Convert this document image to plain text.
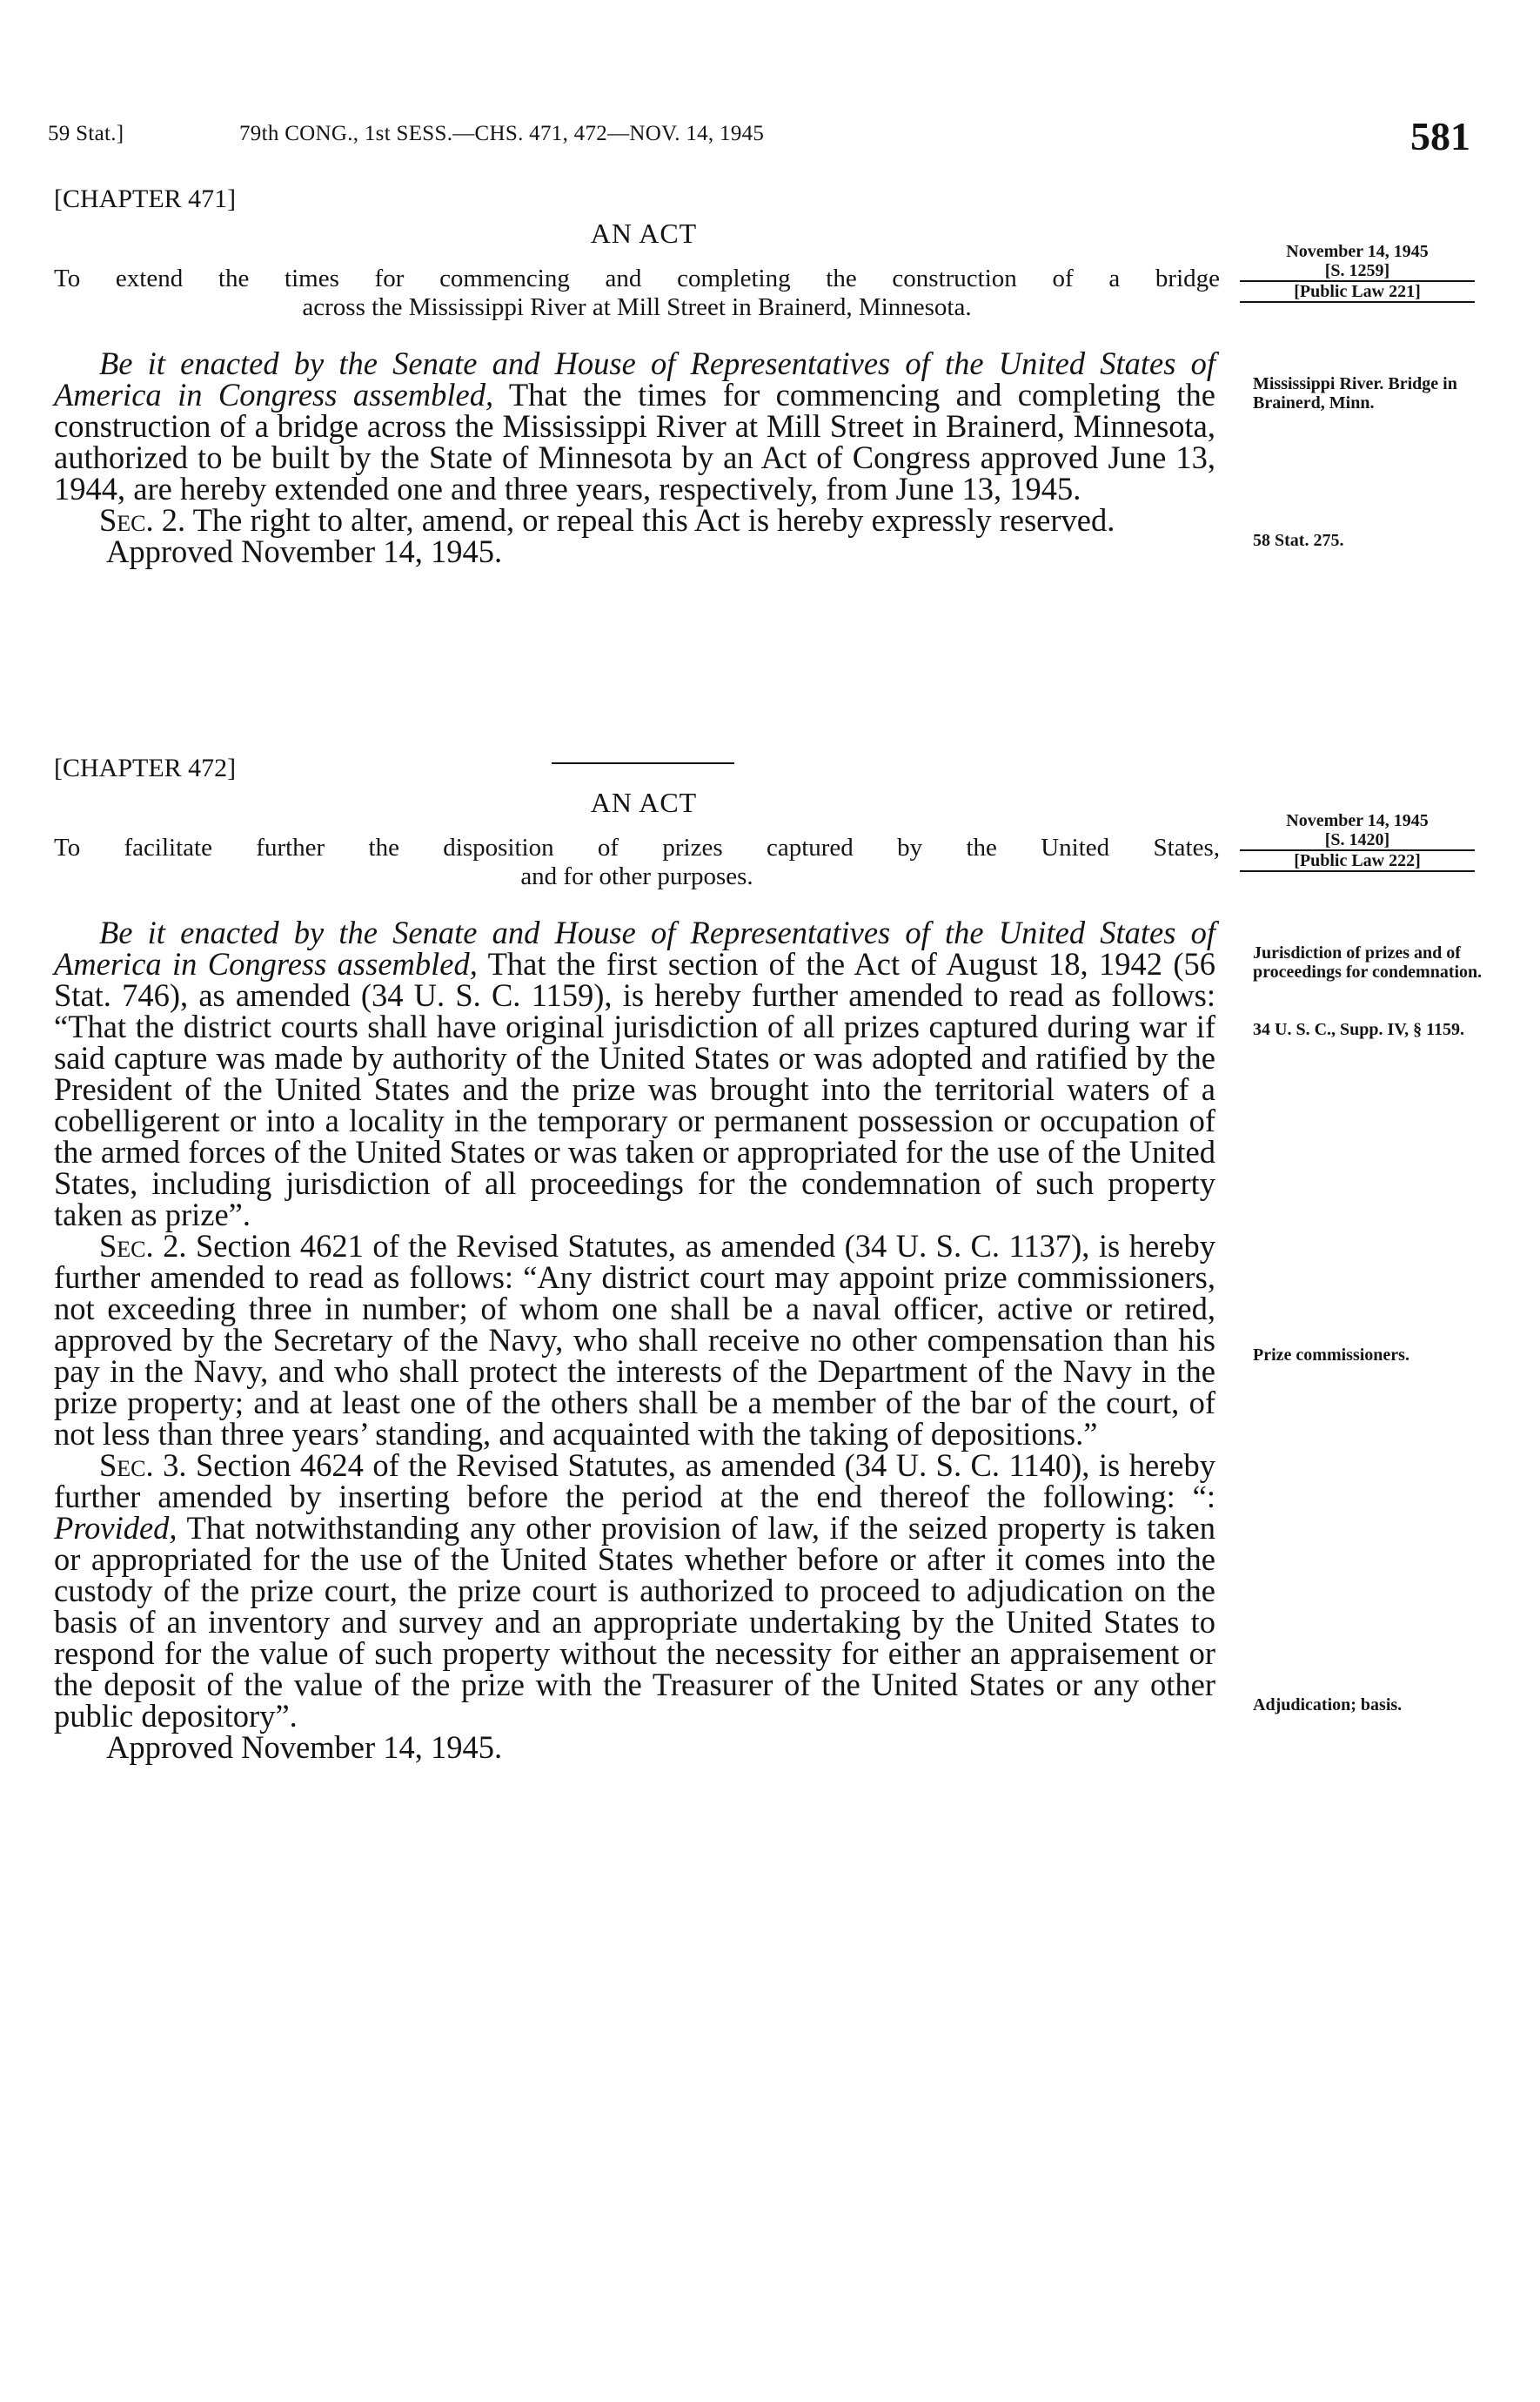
59 Stat.]	79th CONG., 1st SESS.—CHS. 471, 472—NOV. 14, 1945	581
[CHAPTER 471]
AN ACT
To extend the times for commencing and completing the construction of a bridge
across the Mississippi River at Mill Street in Brainerd, Minnesota.
November 14, 1945
[S. 1259]
[Public Law 221]

Be it enacted by the Senate and House of Representatives of the United States of America in Congress assembled, That the times for commencing and completing the construction of a bridge across the Mississippi River at Mill Street in Brainerd, Minnesota, authorized to be built by the State of Minnesota by an Act of Congress approved June 13, 1944, are hereby extended one and three years, respectively, from June 13, 1945.

Sec. 2. The right to alter, amend, or repeal this Act is hereby expressly reserved.

Approved November 14, 1945.

Mississippi River. Bridge in Brainerd, Minn.
58 Stat. 275.
[CHAPTER 472]
AN ACT
To facilitate further the disposition of prizes captured by the United States,
and for other purposes.
November 14, 1945
[S. 1420]
[Public Law 222]

Be it enacted by the Senate and House of Representatives of the United States of America in Congress assembled, That the first section of the Act of August 18, 1942 (56 Stat. 746), as amended (34 U. S. C. 1159), is hereby further amended to read as follows: “That the district courts shall have original jurisdiction of all prizes captured during war if said capture was made by authority of the United States or was adopted and ratified by the President of the United States and the prize was brought into the territorial waters of a cobelligerent or into a locality in the temporary or permanent possession or occupation of the armed forces of the United States or was taken or appropriated for the use of the United States, including jurisdiction of all proceedings for the condemnation of such property taken as prize”.

Sec. 2. Section 4621 of the Revised Statutes, as amended (34 U. S. C. 1137), is hereby further amended to read as follows: “Any district court may appoint prize commissioners, not exceeding three in number; of whom one shall be a naval officer, active or retired, approved by the Secretary of the Navy, who shall receive no other compensation than his pay in the Navy, and who shall protect the interests of the Department of the Navy in the prize property; and at least one of the others shall be a member of the bar of the court, of not less than three years’ standing, and acquainted with the taking of depositions.”

Sec. 3. Section 4624 of the Revised Statutes, as amended (34 U. S. C. 1140), is hereby further amended by inserting before the period at the end thereof the following: “: Provided, That notwithstanding any other provision of law, if the seized property is taken or appropriated for the use of the United States whether before or after it comes into the custody of the prize court, the prize court is authorized to proceed to adjudication on the basis of an inventory and survey and an appropriate undertaking by the United States to respond for the value of such property without the necessity for either an appraisement or the deposit of the value of the prize with the Treasurer of the United States or any other public depository”.

Approved November 14, 1945.

Jurisdiction of prizes and of proceedings for condemnation.
34 U. S. C., Supp. IV, § 1159.
Prize commissioners.
Adjudication; basis.
